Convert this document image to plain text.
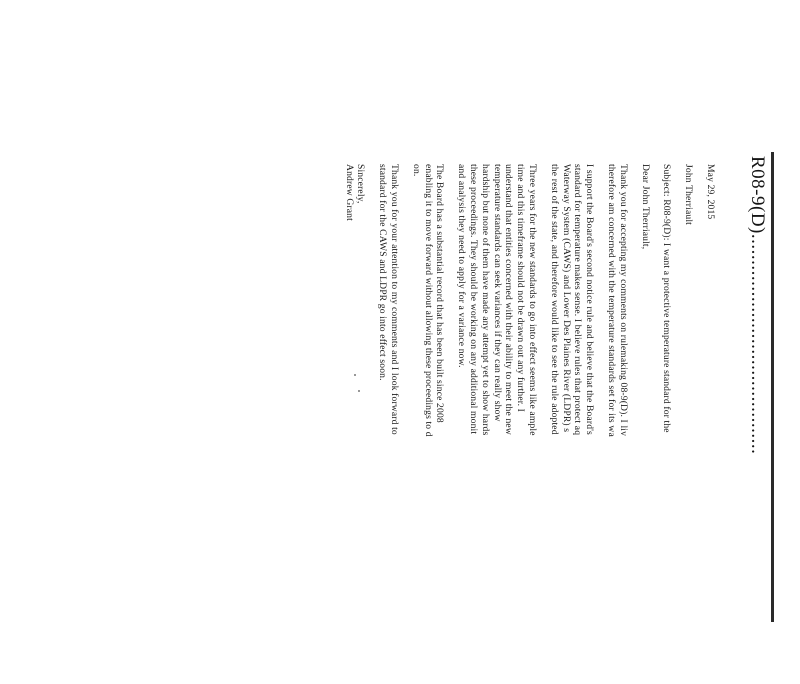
R08-9(D)..........................................

May 29, 2015

John Therriault

Subject: R08-9(D): I want a protective temperature standard for the

Dear John Therriault,

Thank you for accepting my comments on rulemaking 08-9(D). I liv

therefore am concerned with the temperature standards set for its wa

I support the Board's second notice rule and believe that the Board's

standard for temperature makes sense. I believe rules that protect aq

Waterway System (CAWS) and Lower Des Plaines River (LDPR) s

the rest of the state, and therefore would like to see the rule adopted

Three years for the new standards to go into effect seems like ample

time and this timeframe should not be drawn out any further. I

understand that entities concerned with their ability to meet the new

temperature standards can seek variances if they can really show

hardship but none of them have made any attempt yet to show hards

these proceedings. They should be working on any additional monit

and analysis they need to apply for a variance now.

The Board has a substantial record that has been built since 2008

enabling it to move forward without allowing these proceedings to d

on.

Thank you for your attention to my comments and I look forward to

standard for the CAWS and LDPR go into effect soon.

Sincerely,

Andrew Grant
